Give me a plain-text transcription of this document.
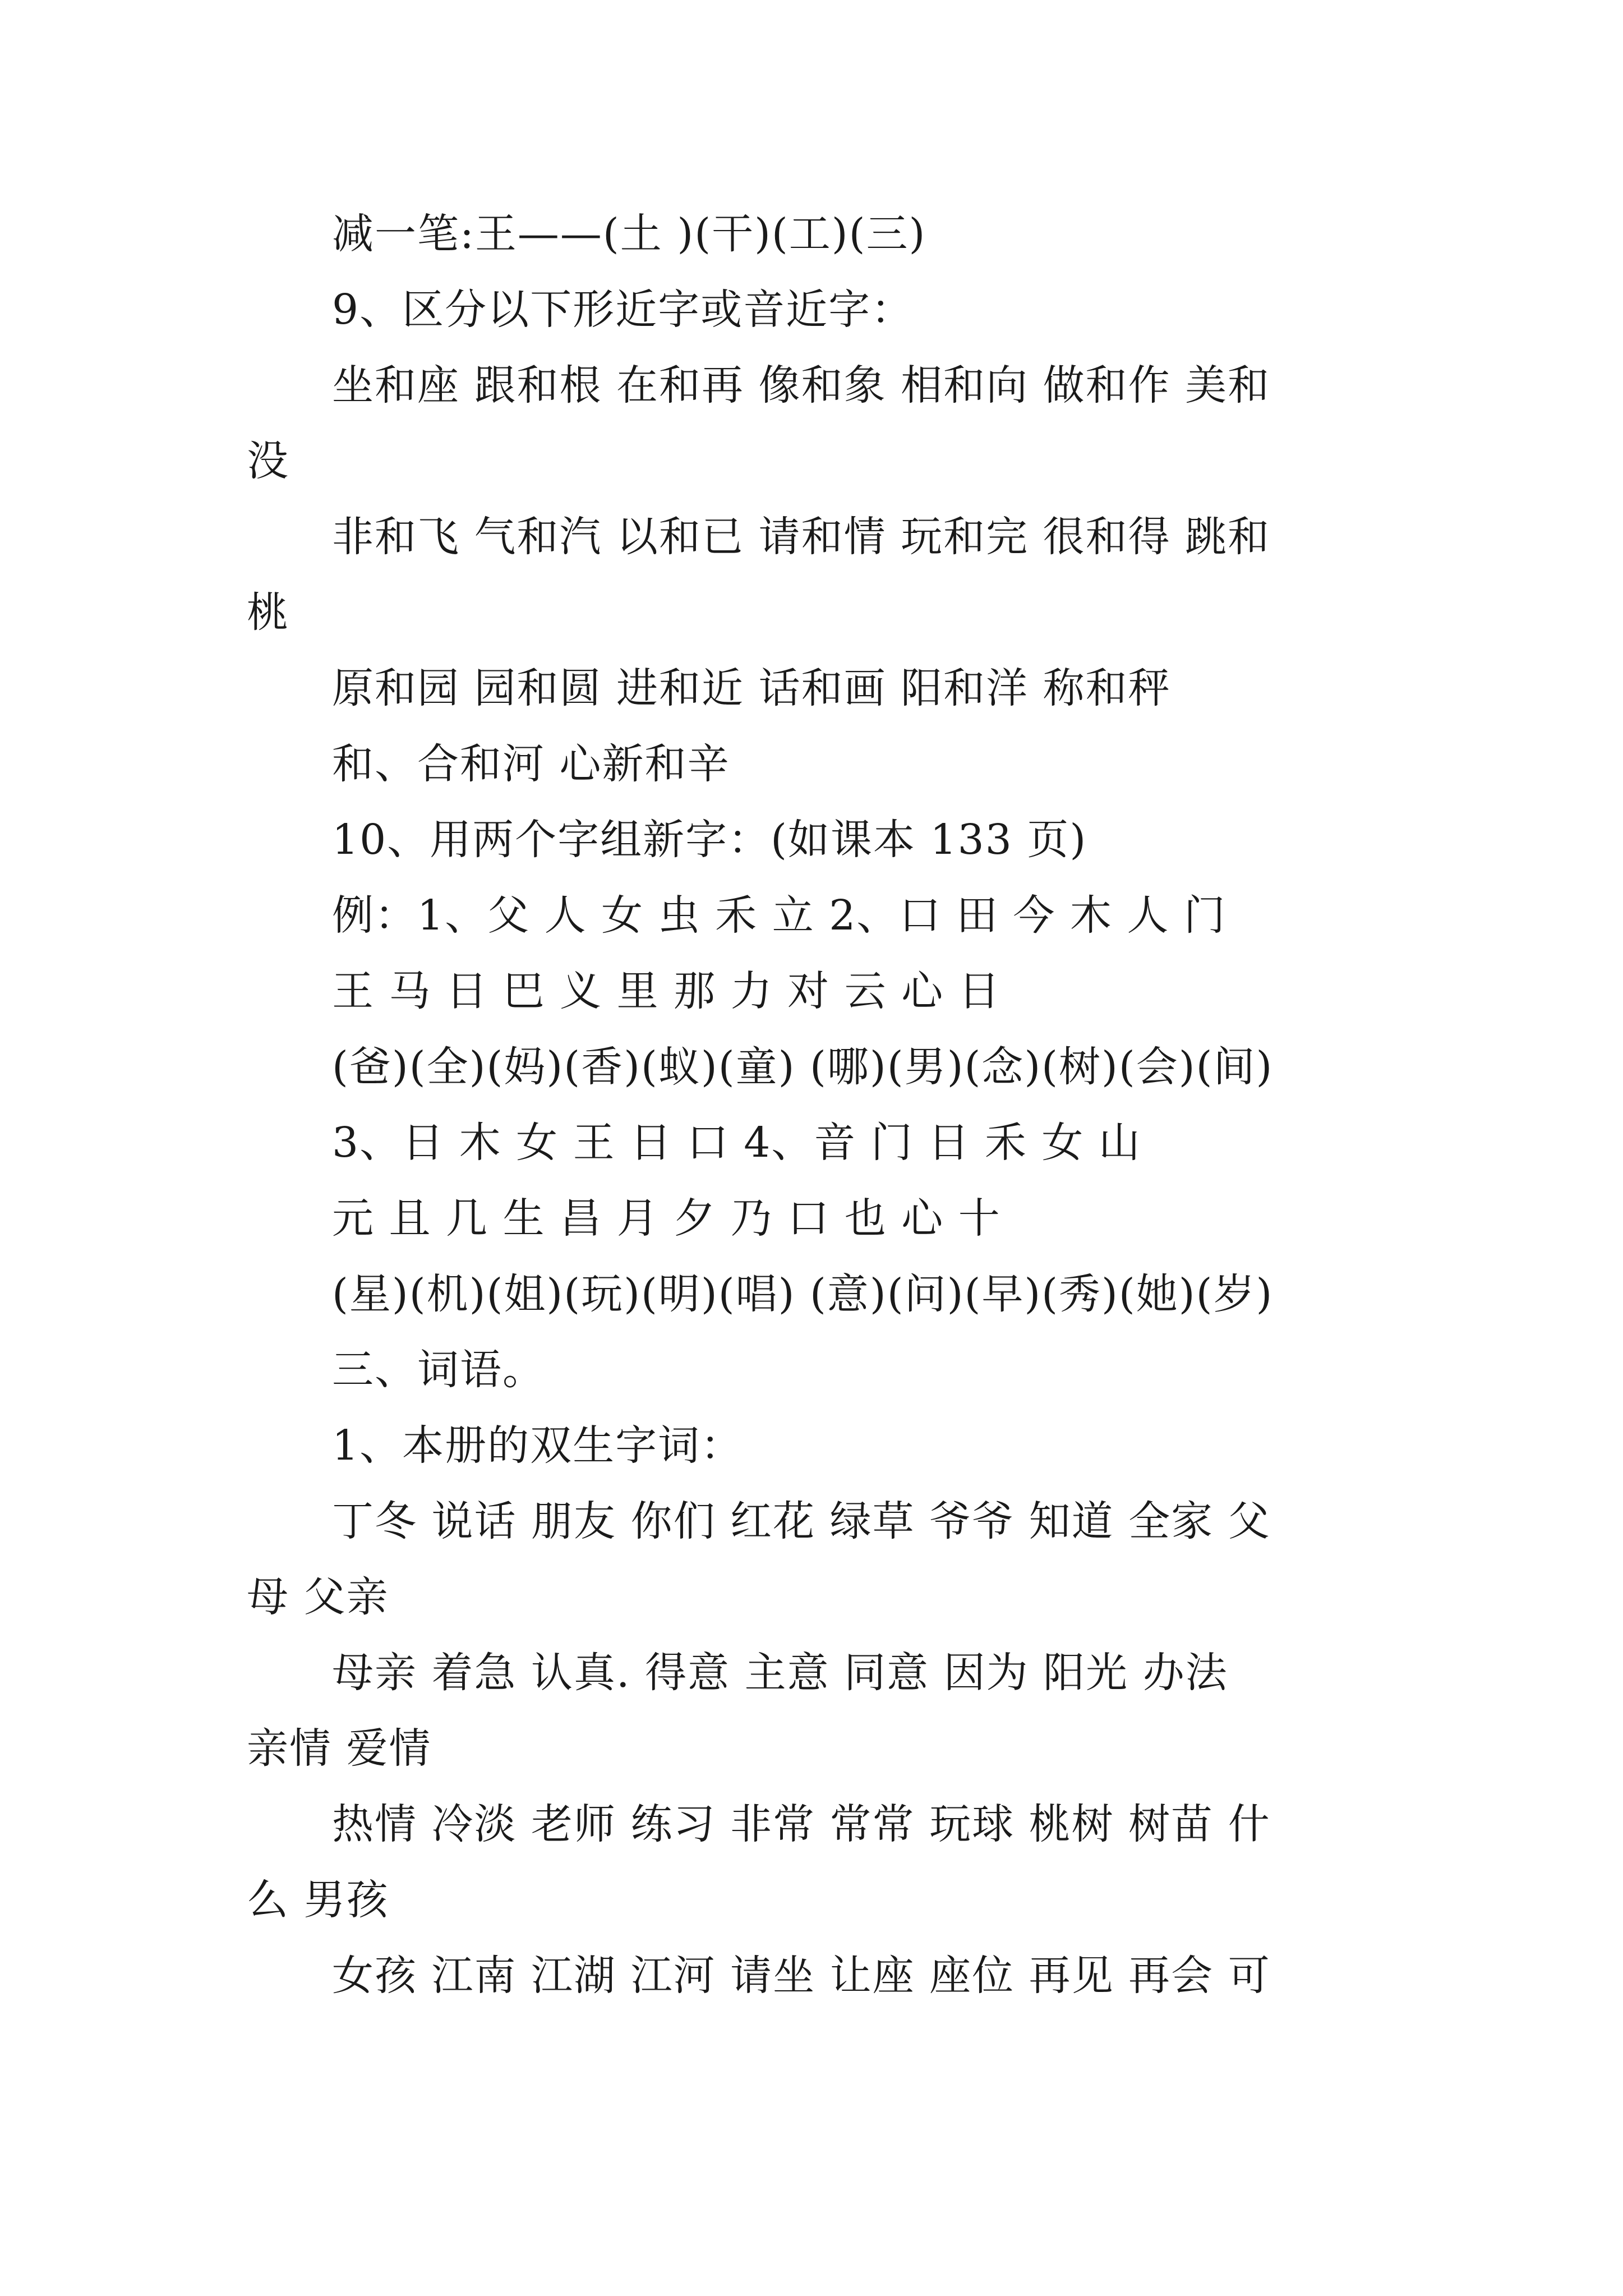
减一笔:王——(土 )(干)(工)(三)
9、区分以下形近字或音近字：
坐和座 跟和根 在和再 像和象 相和向 做和作 美和
没
非和飞 气和汽 以和已 请和情 玩和完 很和得 跳和
桃
原和园 园和圆 进和近 话和画 阳和洋 称和秤
和、合和河 心新和辛
10、用两个字组新字：(如课本 133 页)
例：1、父 人 女 虫 禾 立 2、口 田 今 木 人 门
王 马 日 巴 义 里 那 力 对 云 心 日
(爸)(全)(妈)(香)(蚁)(童) (哪)(男)(念)(树)(会)(间)
3、日 木 女 王 日 口 4、音 门 日 禾 女 山
元 且 几 生 昌 月 夕 乃 口 也 心 十
(星)(机)(姐)(玩)(明)(唱) (意)(问)(早)(秀)(她)(岁)
三、词语。
1、本册的双生字词：
丁冬 说话 朋友 你们 红花 绿草 爷爷 知道 全家 父
母 父亲
母亲 着急 认真. 得意 主意 同意 因为 阳光 办法
亲情 爱情
热情 冷淡 老师 练习 非常 常常 玩球 桃树 树苗 什
么 男孩
女孩 江南 江湖 江河 请坐 让座 座位 再见 再会 可
